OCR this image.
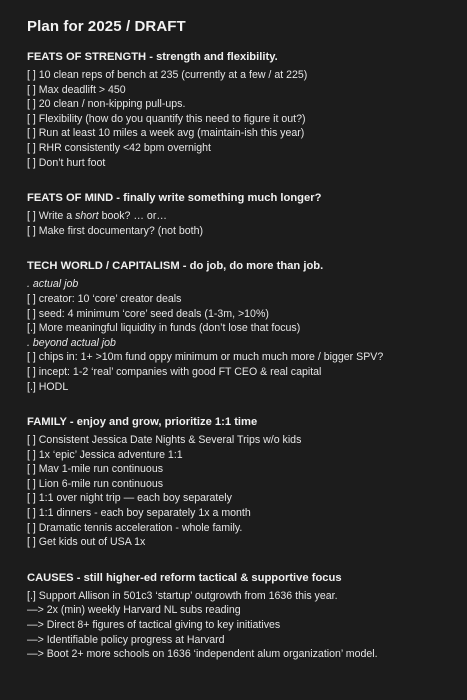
Plan for 2025 / DRAFT
FEATS OF STRENGTH - strength and flexibility.
[ ] 10 clean reps of bench at 235 (currently at a few / at 225)
[ ] Max deadlift > 450
[ ] 20 clean / non-kipping pull-ups.
[ ] Flexibility (how do you quantify this need to figure it out?)
[ ] Run at least 10 miles a week avg (maintain-ish this year)
[ ] RHR consistently <42 bpm overnight
[ ] Don’t hurt foot
FEATS OF MIND - finally write something much longer?
[ ] Write a short book? … or…
[ ] Make first documentary? (not both)
TECH WORLD / CAPITALISM - do job, do more than job.
. actual job
[ ] creator: 10 ‘core’ creator deals
[ ] seed: 4 minimum ‘core’ seed deals (1-3m, >10%)
[.] More meaningful liquidity in funds (don’t lose that focus)
. beyond actual job
[ ] chips in: 1+ >10m fund oppy minimum or much much more / bigger SPV?
[ ] incept: 1-2 ‘real’ companies with good FT CEO & real capital
[.] HODL
FAMILY - enjoy and grow, prioritize 1:1 time
[ ] Consistent Jessica Date Nights & Several Trips w/o kids
[ ] 1x ‘epic’ Jessica adventure 1:1
[ ] Mav 1-mile run continuous
[ ] Lion 6-mile run continuous
[ ] 1:1 over night trip — each boy separately
[ ] 1:1 dinners - each boy separately 1x a month
[ ] Dramatic tennis acceleration - whole family.
[ ] Get kids out of USA 1x
CAUSES - still higher-ed reform tactical & supportive focus
[.] Support Allison in 501c3 ‘startup’ outgrowth from 1636 this year.
—> 2x (min) weekly Harvard NL subs reading
—> Direct 8+ figures of tactical giving to key initiatives
—> Identifiable policy progress at Harvard
—> Boot 2+ more schools on 1636 ‘independent alum organization’ model.
